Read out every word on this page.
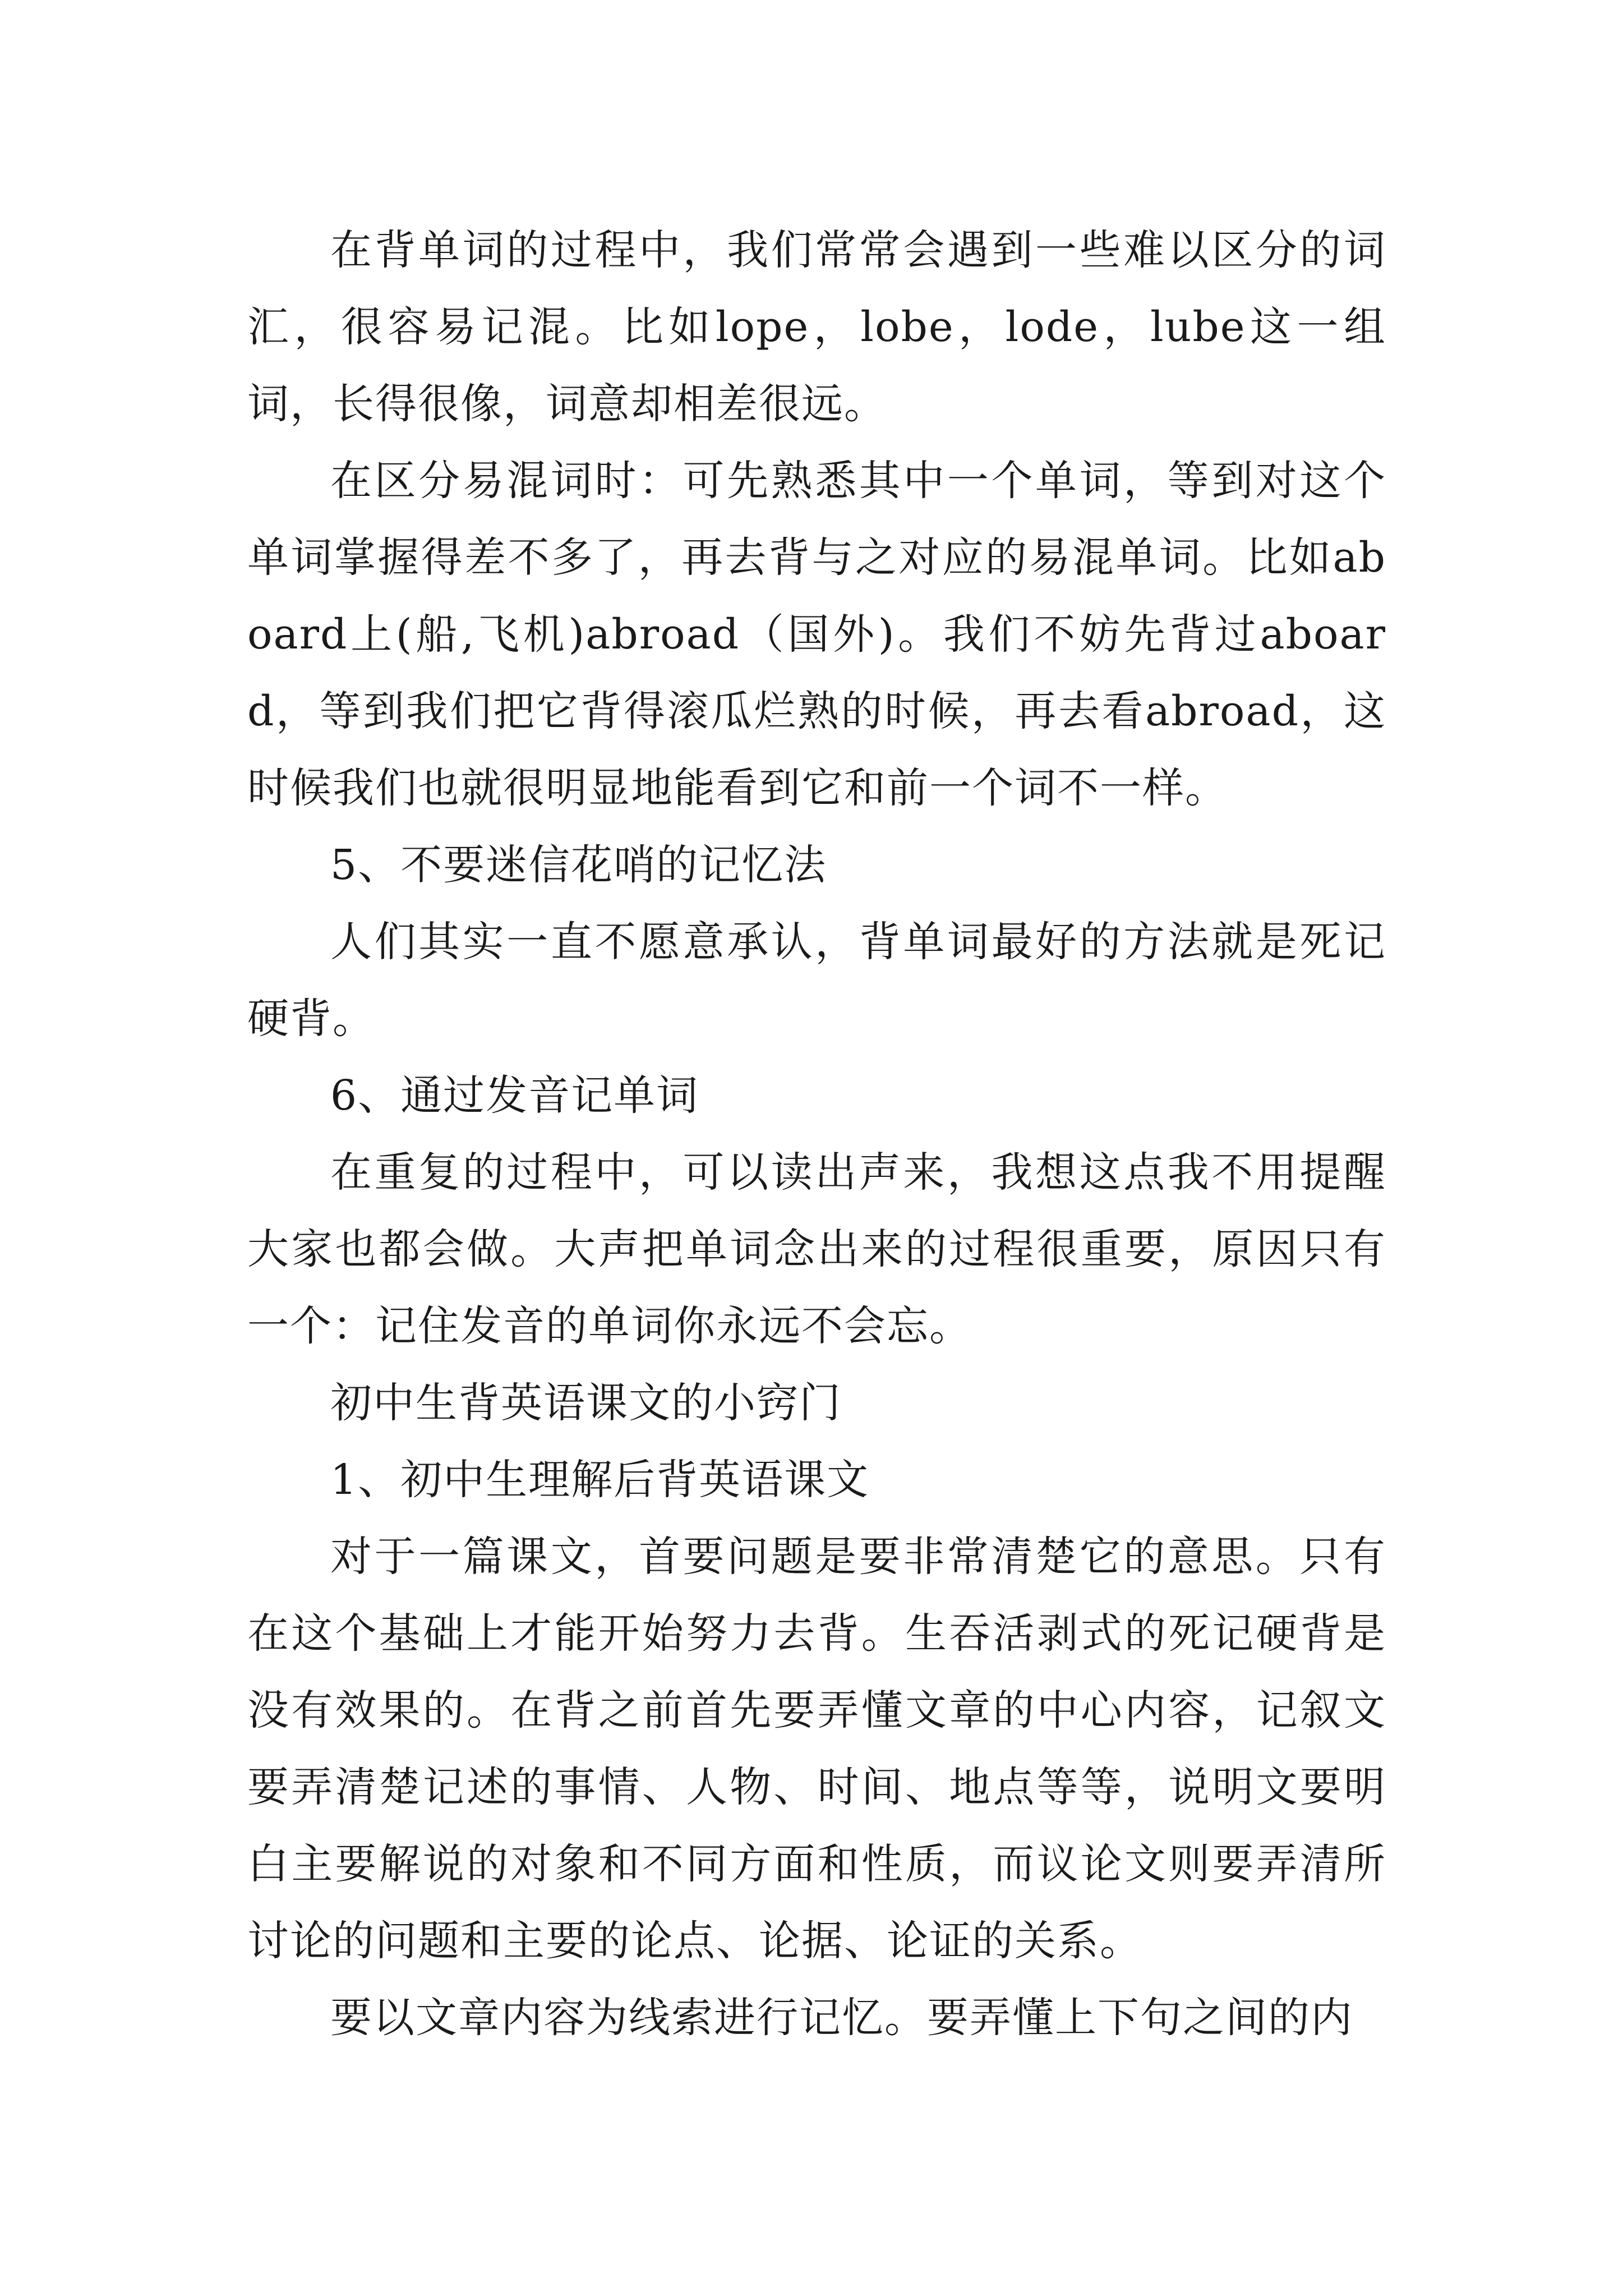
在背单词的过程中，我们常常会遇到一些难以区分的词汇，很容易记混。比如lope，lobe，lode，lube这一组词，长得很像，词意却相差很远。

在区分易混词时：可先熟悉其中一个单词，等到对这个单词掌握得差不多了，再去背与之对应的易混单词。比如aboard上(船,飞机)abroad（国外)。我们不妨先背过aboard，等到我们把它背得滚瓜烂熟的时候，再去看abroad，这时候我们也就很明显地能看到它和前一个词不一样。

5、不要迷信花哨的记忆法

人们其实一直不愿意承认，背单词最好的方法就是死记硬背。

6、通过发音记单词

在重复的过程中，可以读出声来，我想这点我不用提醒大家也都会做。大声把单词念出来的过程很重要，原因只有一个：记住发音的单词你永远不会忘。

初中生背英语课文的小窍门

1、初中生理解后背英语课文

对于一篇课文，首要问题是要非常清楚它的意思。只有在这个基础上才能开始努力去背。生吞活剥式的死记硬背是没有效果的。在背之前首先要弄懂文章的中心内容，记叙文要弄清楚记述的事情、人物、时间、地点等等，说明文要明白主要解说的对象和不同方面和性质，而议论文则要弄清所讨论的问题和主要的论点、论据、论证的关系。

要以文章内容为线索进行记忆。要弄懂上下句之间的内
